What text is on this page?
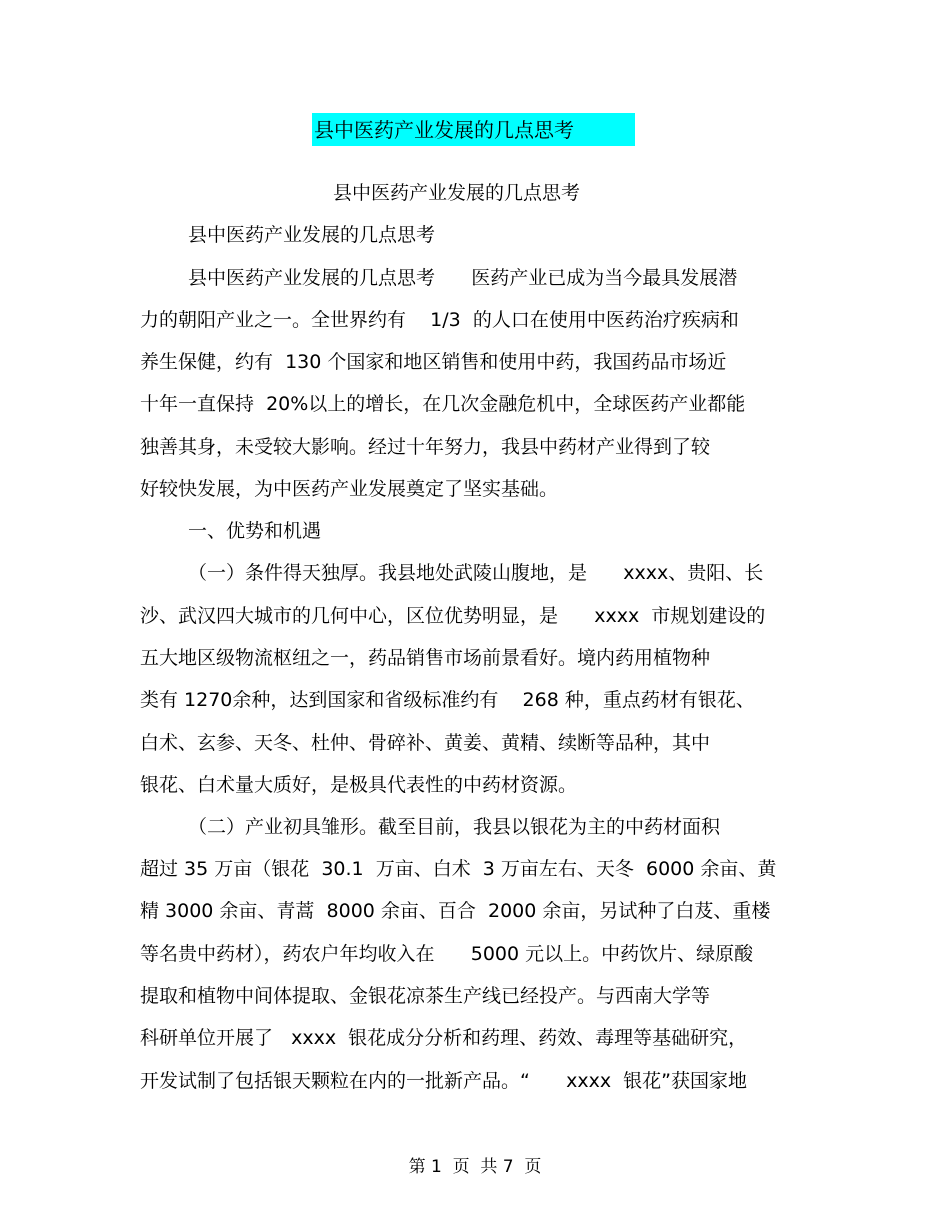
县中医药产业发展的几点思考
县中医药产业发展的几点思考
县中医药产业发展的几点思考
县中医药产业发展的几点思考      医药产业已成为当今最具发展潜
力的朝阳产业之一。全世界约有    1/3  的人口在使用中医药治疗疾病和
养生保健，约有  130 个国家和地区销售和使用中药，我国药品市场近
十年一直保持  20%以上的增长，在几次金融危机中，全球医药产业都能
独善其身，未受较大影响。经过十年努力，我县中药材产业得到了较
好较快发展，为中医药产业发展奠定了坚实基础。
一、优势和机遇
（一）条件得天独厚。我县地处武陵山腹地，是      xxxx、贵阳、长
沙、武汉四大城市的几何中心，区位优势明显，是      xxxx  市规划建设的
五大地区级物流枢纽之一，药品销售市场前景看好。境内药用植物种
类有 1270余种，达到国家和省级标准约有    268 种，重点药材有银花、
白术、玄参、天冬、杜仲、骨碎补、黄姜、黄精、续断等品种，其中
银花、白术量大质好，是极具代表性的中药材资源。
（二）产业初具雏形。截至目前，我县以银花为主的中药材面积
超过 35 万亩（银花  30.1  万亩、白术  3 万亩左右、天冬  6000 余亩、黄
精 3000 余亩、青蒿  8000 余亩、百合  2000 余亩，另试种了白芨、重楼
等名贵中药材），药农户年均收入在      5000 元以上。中药饮片、绿原酸
提取和植物中间体提取、金银花凉茶生产线已经投产。与西南大学等
科研单位开展了   xxxx  银花成分分析和药理、药效、毒理等基础研究，
开发试制了包括银天颗粒在内的一批新产品。“      xxxx  银花”获国家地
第 1  页  共 7  页
